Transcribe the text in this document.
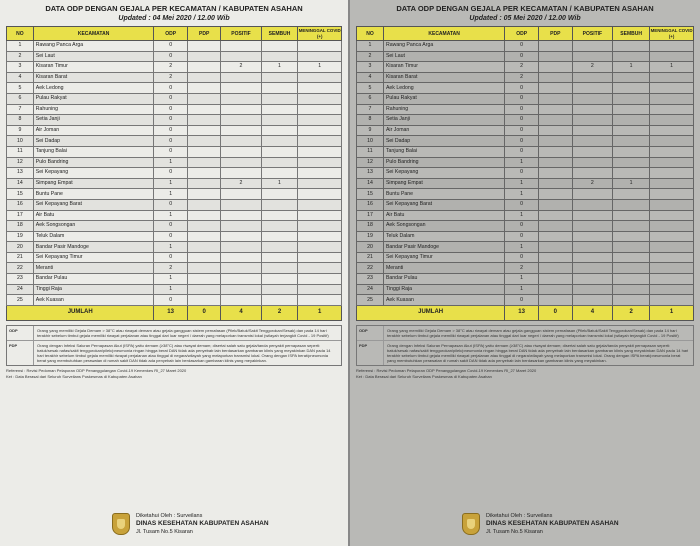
DATA ODP DENGAN GEJALA PER KECAMATAN / KABUPATEN ASAHAN
Updated : 04 Mei 2020 / 12.00 Wib
NO	KECAMATAN	ODP	PDP	POSITIF	SEMBUH	MENINGGAL COVID (+)
1	Rawang Panca Arga	0				
2	Sei Laut	0				
3	Kisaran Timur	2		2	1	1
4	Kisaran Barat	2				
5	Aek Ledong	0				
6	Pulau Rakyat	0				
7	Rahuning	0				
8	Setia Janji	0				
9	Air Joman	0				
10	Sei Dadap	0				
11	Tanjung Balai	0				
12	Pulo Bandring	1				
13	Sei Kepayang	0				
14	Simpang Empat	1		2	1	
15	Buntu Pane	1				
16	Sei Kepayang Barat	0				
17	Air Batu	1				
18	Aek Songsongan	0				
19	Teluk Dalam	0				
20	Bandar Pasir Mandoge	1				
21	Sei Kepayang Timur	0				
22	Meranti	2				
23	Bandar Pulau	1				
24	Tinggi Raja	1				
25	Aek Kuasan	0				
JUMLAH		13	0	4	2	1
ODP	Orang yang memiliki Gejala Demam > 38°C atau riwayat demam atau gejala gangguan sistem pernafasan (Pilek/Batuk/Sakit Tenggorokan/Sesak) dan pada 14 hari terakhir sebelum timbul gejala memiliki riwayat perjalanan atau tinggal dari luar negeri / daerah yang melaporkan transmisi lokal (wilayah terjangkit Covid - 19 Positif)
PDP	Orang dengan Infeksi Saluran Pernapasan Akut (ISPA) yaitu demam (≥38°C) atau riwayat demam; disertai salah satu gejala/tanda penyakit pernapasan seperti: batuk/sesak nafas/sakit tenggorokan/pilek/pneumonia ringan hingga berat DAN tidak ada penyebab lain berdasarkan gambaran klinis yang meyakinkan DAN pada 14 hari terakhir sebelum timbul gejala memiliki riwayat perjalanan atau tinggal di negara/wilayah yang melaporkan transmisi lokal. Orang dengan ISPA berat/pneumonia berat yang membutuhkan perawatan di rumah sakit DAN tidak ada penyebab lain berdasarkan gambaran klinis yang meyakinkan.
Referensi : Revisi Pedoman Pelaporan ODP Penanggulangan Covid-19 Kemenkes RI_27 Maret 2020
Ket : Data Berasal dari Seluruh Surveilans Puskesmas di Kabupaten Asahan
Diketahui Oleh : Surveilans
DINAS KESEHATAN KABUPATEN ASAHAN
Jl. Tusam No.5 Kisaran
DATA ODP DENGAN GEJALA PER KECAMATAN / KABUPATEN ASAHAN
Updated : 05 Mei 2020 / 12.00 Wib
NO	KECAMATAN	ODP	PDP	POSITIF	SEMBUH	MENINGGAL COVID (+)
1	Rawang Panca Arga	0				
2	Sei Laut	0				
3	Kisaran Timur	2		2	1	1
4	Kisaran Barat	2				
5	Aek Ledong	0				
6	Pulau Rakyat	0				
7	Rahuning	0				
8	Setia Janji	0				
9	Air Joman	0				
10	Sei Dadap	0				
11	Tanjung Balai	0				
12	Pulo Bandring	1				
13	Sei Kepayang	0				
14	Simpang Empat	1		2	1	
15	Buntu Pane	1				
16	Sei Kepayang Barat	0				
17	Air Batu	1				
18	Aek Songsongan	0				
19	Teluk Dalam	0				
20	Bandar Pasir Mandoge	1				
21	Sei Kepayang Timur	0				
22	Meranti	2				
23	Bandar Pulau	1				
24	Tinggi Raja	1				
25	Aek Kuasan	0				
JUMLAH		13	0	4	2	1
ODP	Orang yang memiliki Gejala Demam > 38°C atau riwayat demam atau gejala gangguan sistem pernafasan (Pilek/Batuk/Sakit Tenggorokan/Sesak) dan pada 14 hari terakhir sebelum timbul gejala memiliki riwayat perjalanan atau tinggal dari luar negeri / daerah yang melaporkan transmisi lokal (wilayah terjangkit Covid - 19 Positif)
PDP	Orang dengan Infeksi Saluran Pernapasan Akut (ISPA) yaitu demam (≥38°C) atau riwayat demam; disertai salah satu gejala/tanda penyakit pernapasan seperti: batuk/sesak nafas/sakit tenggorokan/pilek/pneumonia ringan hingga berat DAN tidak ada penyebab lain berdasarkan gambaran klinis yang meyakinkan DAN pada 14 hari terakhir sebelum timbul gejala memiliki riwayat perjalanan atau tinggal di negara/wilayah yang melaporkan transmisi lokal. Orang dengan ISPA berat/pneumonia berat yang membutuhkan perawatan di rumah sakit DAN tidak ada penyebab lain berdasarkan gambaran klinis yang meyakinkan.
Referensi : Revisi Pedoman Pelaporan ODP Penanggulangan Covid-19 Kemenkes RI_27 Maret 2020
Ket : Data Berasal dari Seluruh Surveilans Puskesmas di Kabupaten Asahan
Diketahui Oleh : Surveilans
DINAS KESEHATAN KABUPATEN ASAHAN
Jl. Tusam No.5 Kisaran
